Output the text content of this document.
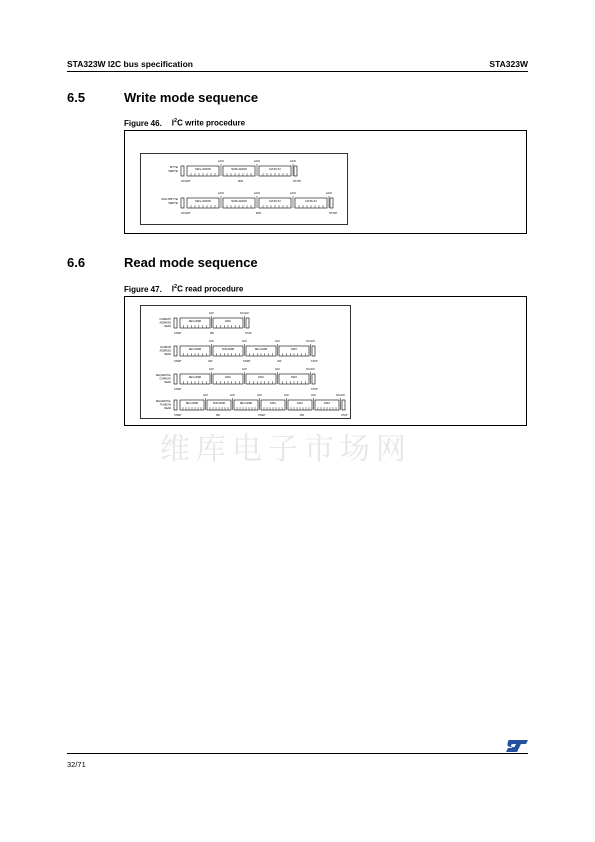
STA323W I2C bus specification	STA323W
6.5	Write mode sequence
Figure 46. $I^2C$ write procedure
BYTE
WRITE	DEV-ADDR
ACK
SUB-ADDR
ACK
DATA IN
ACK
START	RW	STOP
MULTIBYTE
WRITE	DEV-ADDR
ACK
SUB-ADDR
ACK
DATA IN
ACK
DATA IN
ACK
START	RW	STOP
6.6	Read mode sequence
Figure 47. $I^2C$ read procedure
CURRENT
ADDRESS
READ
DEV-ADDR
ACK
DATA
NO ACK
START	RW	STOP
RANDOM
ADDRESS
READ
DEV-ADDR
ACK
SUB-ADDR
ACK
DEV-ADDR
ACK
DATA
NO ACK
START	RW	START	RW	STOP
SEQUENTIAL
CURRENT
READ
DEV-ADDR
ACK
DATA
ACK
DATA
ACK
DATA
NO ACK
START	STOP
SEQUENTIAL
RANDOM
READ
DEV-ADDR
ACK
SUB-ADDR
ACK
DEV-ADDR
ACK
DATA
ACK
DATA
ACK
DATA
NO ACK
START	RW	START	RW	STOP
维库电子市场网
32/71
